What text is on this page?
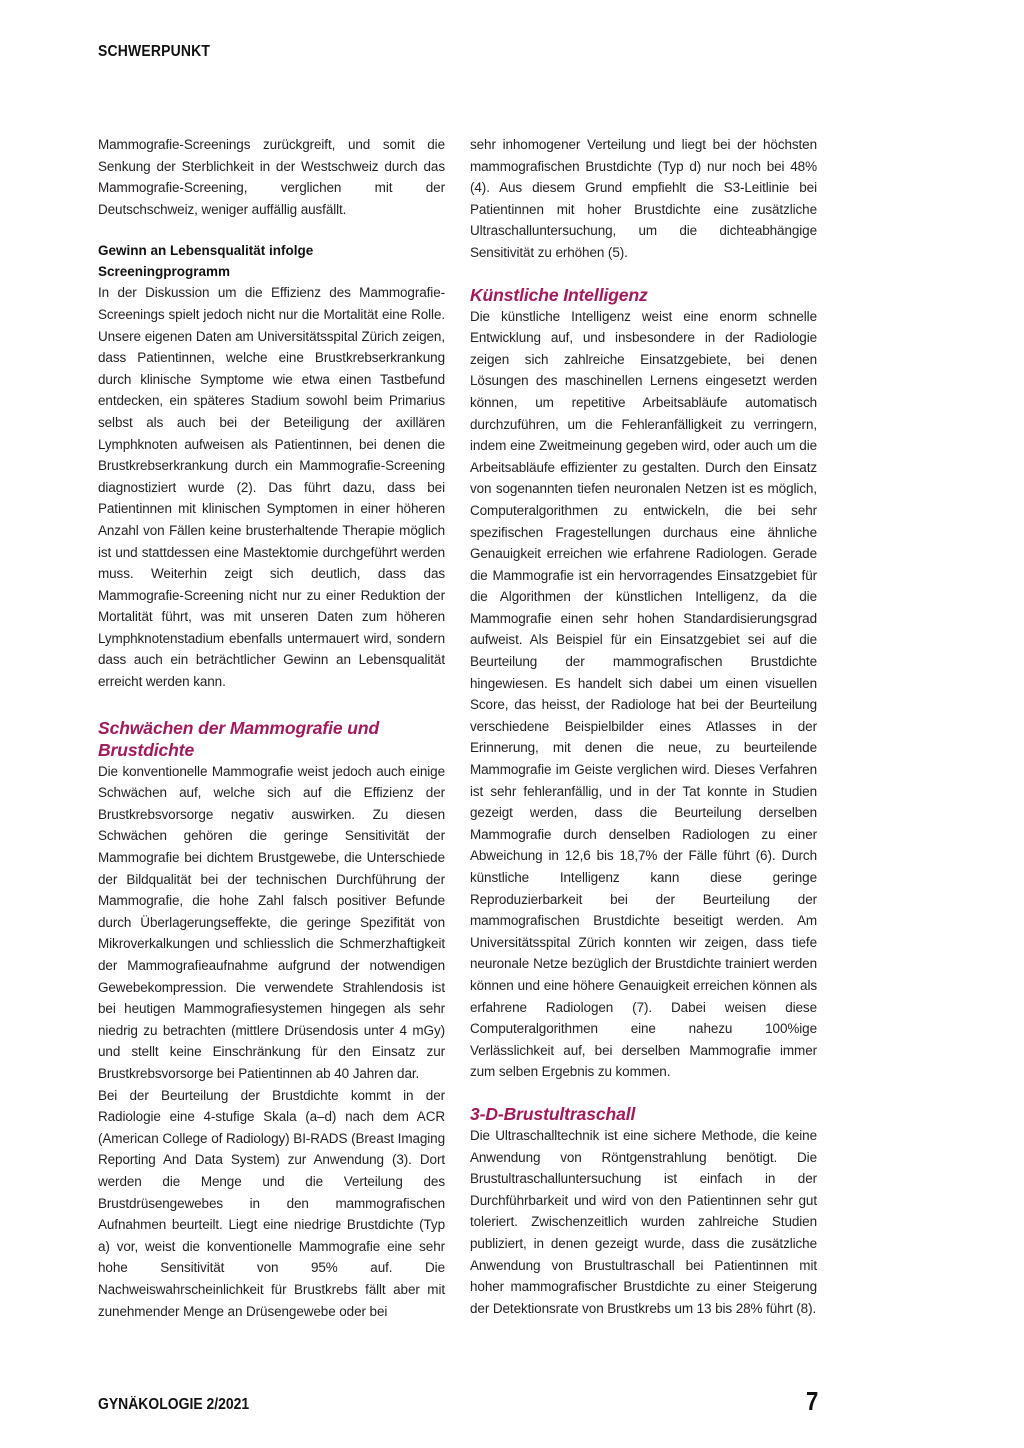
SCHWERPUNKT

Mammografie-Screenings zurückgreift, und somit die Senkung der Sterblichkeit in der Westschweiz durch das Mammografie-Screening, verglichen mit der Deutschschweiz, weniger auffällig ausfällt.

Gewinn an Lebensqualität infolge Screeningprogramm

In der Diskussion um die Effizienz des Mammografie-Screenings spielt jedoch nicht nur die Mortalität eine Rolle. Unsere eigenen Daten am Universitätsspital Zürich zeigen, dass Patientinnen, welche eine Brustkrebserkrankung durch klinische Symptome wie etwa einen Tastbefund entdecken, ein späteres Stadium sowohl beim Primarius selbst als auch bei der Beteiligung der axillären Lymphknoten aufweisen als Patientinnen, bei denen die Brustkrebserkrankung durch ein Mammografie-Screening diagnostiziert wurde (2). Das führt dazu, dass bei Patientinnen mit klinischen Symptomen in einer höheren Anzahl von Fällen keine brusterhaltende Therapie möglich ist und stattdessen eine Mastektomie durchgeführt werden muss. Weiterhin zeigt sich deutlich, dass das Mammografie-Screening nicht nur zu einer Reduktion der Mortalität führt, was mit unseren Daten zum höheren Lymphknotenstadium ebenfalls untermauert wird, sondern dass auch ein beträchtlicher Gewinn an Lebensqualität erreicht werden kann.

Schwächen der Mammografie und Brustdichte

Die konventionelle Mammografie weist jedoch auch einige Schwächen auf, welche sich auf die Effizienz der Brustkrebsvorsorge negativ auswirken. Zu diesen Schwächen gehören die geringe Sensitivität der Mammografie bei dichtem Brustgewebe, die Unterschiede der Bildqualität bei der technischen Durchführung der Mammografie, die hohe Zahl falsch positiver Befunde durch Überlagerungseffekte, die geringe Spezifität von Mikroverkalkungen und schliesslich die Schmerzhaftigkeit der Mammografieaufnahme aufgrund der notwendigen Gewebekompression. Die verwendete Strahlendosis ist bei heutigen Mammografiesystemen hingegen als sehr niedrig zu betrachten (mittlere Drüsendosis unter 4 mGy) und stellt keine Einschränkung für den Einsatz zur Brustkrebsvorsorge bei Patientinnen ab 40 Jahren dar.

Bei der Beurteilung der Brustdichte kommt in der Radiologie eine 4-stufige Skala (a–d) nach dem ACR (American College of Radiology) BI-RADS (Breast Imaging Reporting And Data System) zur Anwendung (3). Dort werden die Menge und die Verteilung des Brustdrüsengewebes in den mammografischen Aufnahmen beurteilt. Liegt eine niedrige Brustdichte (Typ a) vor, weist die konventionelle Mammografie eine sehr hohe Sensitivität von 95% auf. Die Nachweiswahrscheinlichkeit für Brustkrebs fällt aber mit zunehmender Menge an Drüsengewebe oder bei

sehr inhomogener Verteilung und liegt bei der höchsten mammografischen Brustdichte (Typ d) nur noch bei 48% (4). Aus diesem Grund empfiehlt die S3-Leitlinie bei Patientinnen mit hoher Brustdichte eine zusätzliche Ultraschalluntersuchung, um die dichteabhängige Sensitivität zu erhöhen (5).

Künstliche Intelligenz

Die künstliche Intelligenz weist eine enorm schnelle Entwicklung auf, und insbesondere in der Radiologie zeigen sich zahlreiche Einsatzgebiete, bei denen Lösungen des maschinellen Lernens eingesetzt werden können, um repetitive Arbeitsabläufe automatisch durchzuführen, um die Fehleranfälligkeit zu verringern, indem eine Zweitmeinung gegeben wird, oder auch um die Arbeitsabläufe effizienter zu gestalten. Durch den Einsatz von sogenannten tiefen neuronalen Netzen ist es möglich, Computeralgorithmen zu entwickeln, die bei sehr spezifischen Fragestellungen durchaus eine ähnliche Genauigkeit erreichen wie erfahrene Radiologen. Gerade die Mammografie ist ein hervorragendes Einsatzgebiet für die Algorithmen der künstlichen Intelligenz, da die Mammografie einen sehr hohen Standardisierungsgrad aufweist. Als Beispiel für ein Einsatzgebiet sei auf die Beurteilung der mammografischen Brustdichte hingewiesen. Es handelt sich dabei um einen visuellen Score, das heisst, der Radiologe hat bei der Beurteilung verschiedene Beispielbilder eines Atlasses in der Erinnerung, mit denen die neue, zu beurteilende Mammografie im Geiste verglichen wird. Dieses Verfahren ist sehr fehleranfällig, und in der Tat konnte in Studien gezeigt werden, dass die Beurteilung derselben Mammografie durch denselben Radiologen zu einer Abweichung in 12,6 bis 18,7% der Fälle führt (6). Durch künstliche Intelligenz kann diese geringe Reproduzierbarkeit bei der Beurteilung der mammografischen Brustdichte beseitigt werden. Am Universitätsspital Zürich konnten wir zeigen, dass tiefe neuronale Netze bezüglich der Brustdichte trainiert werden können und eine höhere Genauigkeit erreichen können als erfahrene Radiologen (7). Dabei weisen diese Computeralgorithmen eine nahezu 100%ige Verlässlichkeit auf, bei derselben Mammografie immer zum selben Ergebnis zu kommen.

3-D-Brustultraschall

Die Ultraschalltechnik ist eine sichere Methode, die keine Anwendung von Röntgenstrahlung benötigt. Die Brustultraschalluntersuchung ist einfach in der Durchführbarkeit und wird von den Patientinnen sehr gut toleriert. Zwischenzeitlich wurden zahlreiche Studien publiziert, in denen gezeigt wurde, dass die zusätzliche Anwendung von Brustultraschall bei Patientinnen mit hoher mammografischer Brustdichte zu einer Steigerung der Detektionsrate von Brustkrebs um 13 bis 28% führt (8).

GYNÄKOLOGIE 2/2021	7
